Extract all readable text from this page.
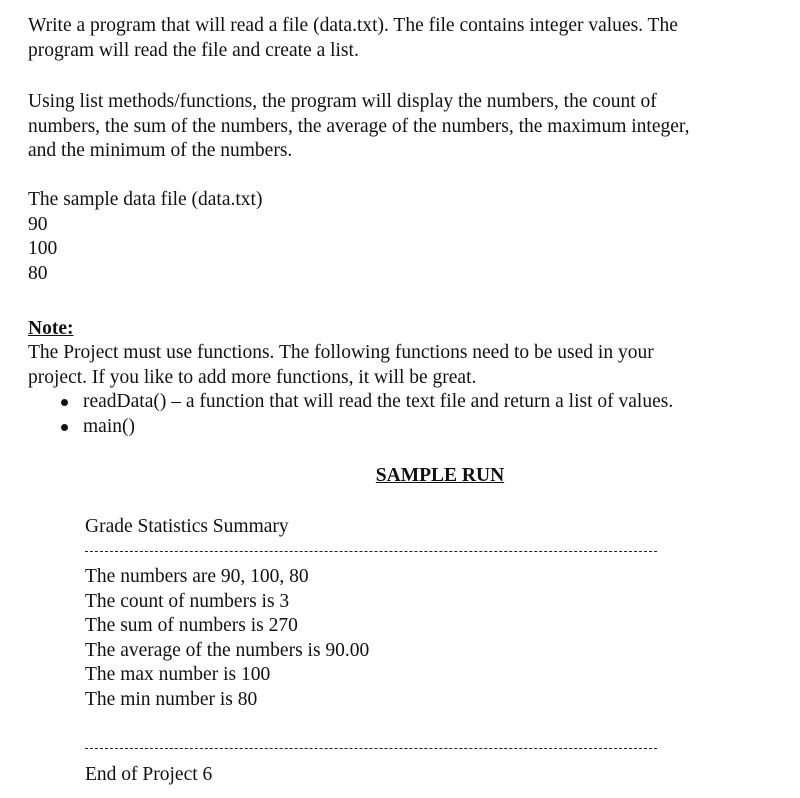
Write a program that will read a file (data.txt). The file contains integer values. The
program will read the file and create a list.

Using list methods/functions, the program will display the numbers, the count of
numbers, the sum of the numbers, the average of the numbers, the maximum integer,
and the minimum of the numbers.

The sample data file (data.txt)
90
100
80

Note:

The Project must use functions. The following functions need to be used in your
project. If you like to add more functions, it will be great.

readData() – a function that will read the text file and return a list of values.
main()
SAMPLE RUN
Grade Statistics Summary
The numbers are 90, 100, 80
The count of numbers is 3
The sum of numbers is 270
The average of the numbers is 90.00
The max number is 100
The min number is 80
End of Project 6
